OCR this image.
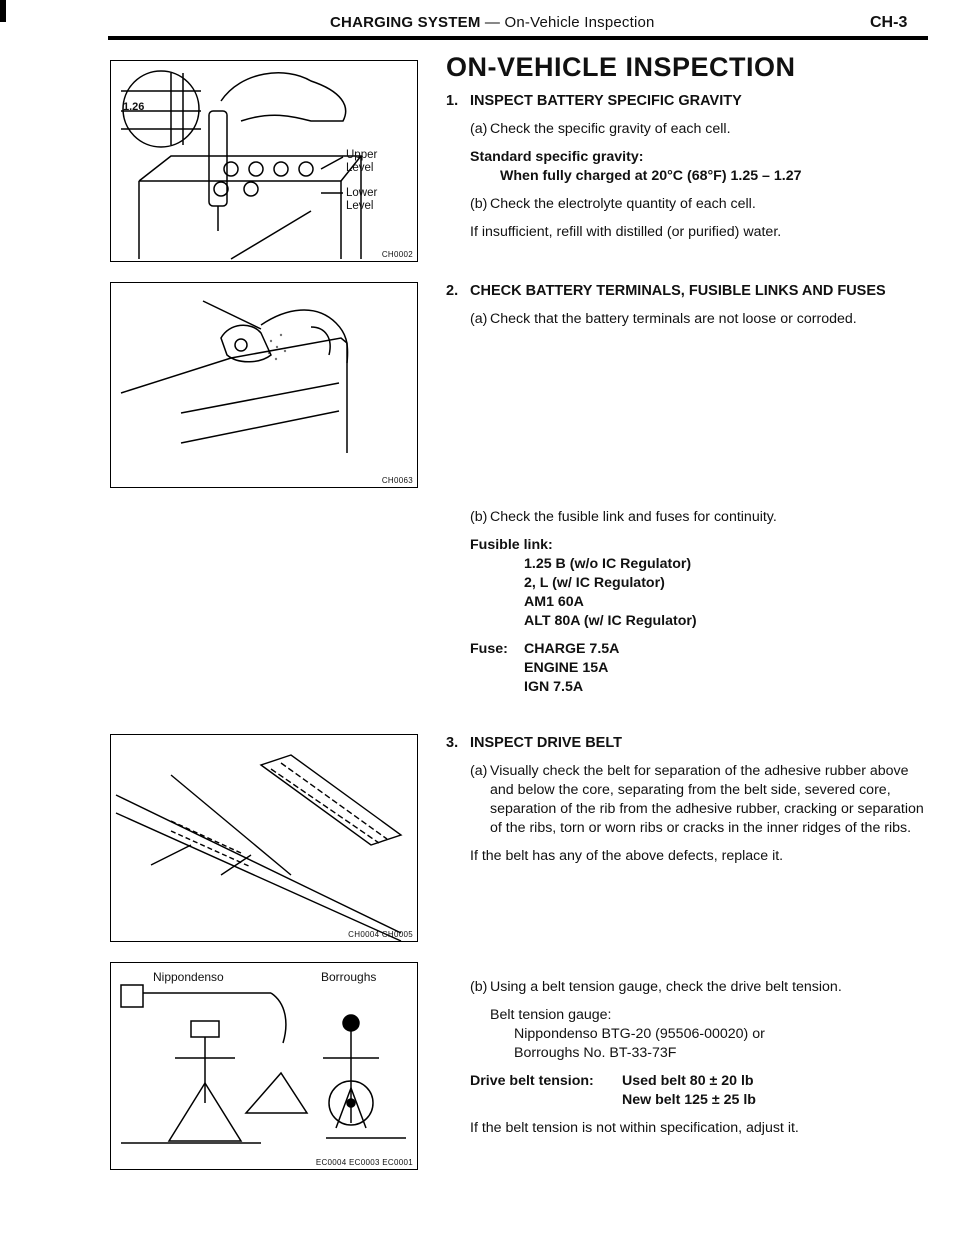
CHARGING SYSTEM — On-Vehicle Inspection	CH-3
1.26
Upper Level
Lower Level
CH0002
CH0063
CH0004 CH0005
Nippondenso	Borroughs
EC0004 EC0003 EC0001
ON-VEHICLE INSPECTION
1. INSPECT BATTERY SPECIFIC GRAVITY
(a) Check the specific gravity of each cell.
Standard specific gravity:
When fully charged at 20°C (68°F) 1.25 – 1.27
(b) Check the electrolyte quantity of each cell.
If insufficient, refill with distilled (or purified) water.
2. CHECK BATTERY TERMINALS, FUSIBLE LINKS AND FUSES
(a) Check that the battery terminals are not loose or corroded.
(b) Check the fusible link and fuses for continuity.
Fusible link:
1.25 B (w/o IC Regulator)
2, L (w/ IC Regulator)
AM1 60A
ALT 80A (w/ IC Regulator)
Fuse:	CHARGE 7.5A
ENGINE 15A
IGN 7.5A
3. INSPECT DRIVE BELT
(a) Visually check the belt for separation of the adhesive rubber above and below the core, separating from the belt side, severed core, separation of the rib from the adhesive rubber, cracking or separation of the ribs, torn or worn ribs or cracks in the inner ridges of the ribs.
If the belt has any of the above defects, replace it.
(b) Using a belt tension gauge, check the drive belt tension.
Belt tension gauge:
Nippondenso BTG-20 (95506-00020) or
Borroughs No. BT-33-73F
Drive belt tension:	Used belt 80 ± 20 lb
New belt 125 ± 25 lb
If the belt tension is not within specification, adjust it.
